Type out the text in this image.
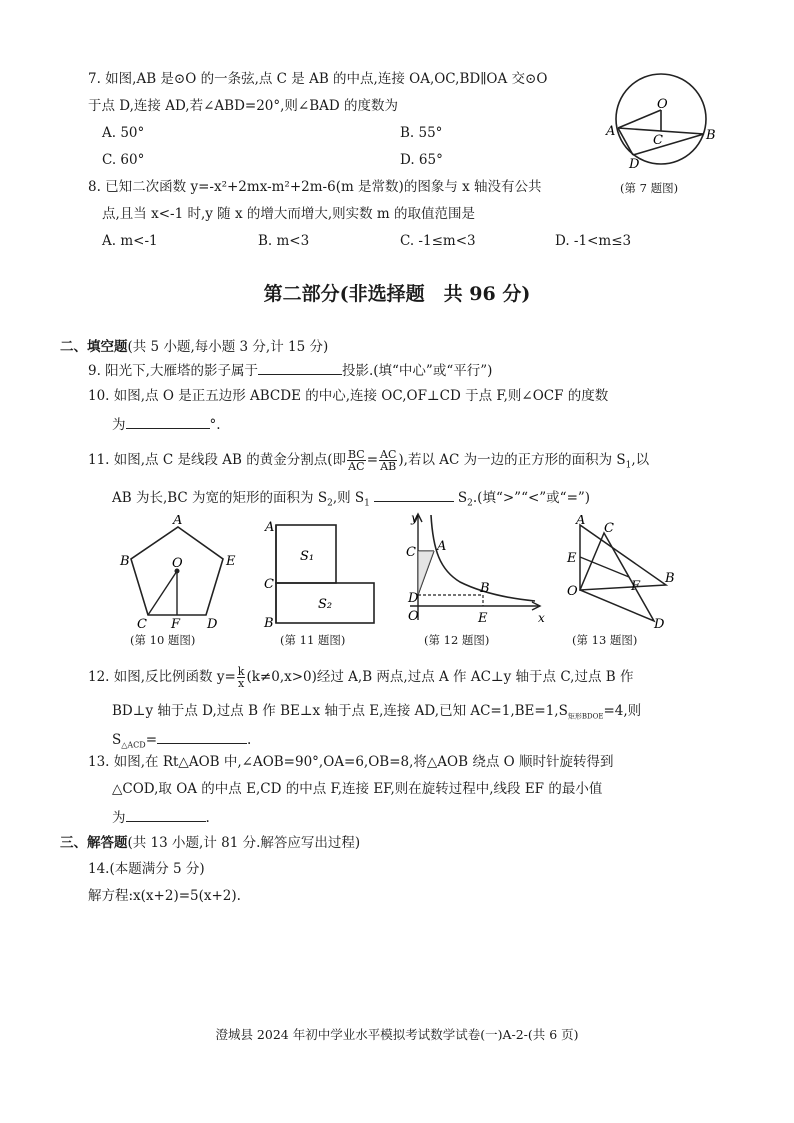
7. 如图,AB 是⊙O 的一条弦,点 C 是 AB 的中点,连接 OA,OC,BD∥OA 交⊙O
于点 D,连接 AD,若∠ABD=20°,则∠BAD 的度数为
A. 50°	B. 55°
C. 60°	D. 65°
O
A
C	B
D
(第 7 题图)
8. 已知二次函数 y=-x²+2mx-m²+2m-6(m 是常数)的图象与 x 轴没有公共
点,且当 x<-1 时,y 随 x 的增大而增大,则实数 m 的取值范围是
A. m<-1	B. m<3	C. -1≤m<3	D. -1<m≤3
第二部分(非选择题　共 96 分)
二、填空题(共 5 小题,每小题 3 分,计 15 分)
9. 阳光下,大雁塔的影子属于	投影.(填“中心”或“平行”)
10. 如图,点 O 是正五边形 ABCDE 的中心,连接 OC,OF⊥CD 于点 F,则∠OCF 的度数
为	°.
11. 如图,点 C 是线段 AB 的黄金分割点(即 $\frac{BC}{AC} = \frac{AC}{AB}$ ),若以 AC 为一边的正方形的面积为 $S_1$,以
AB 为长,BC 为宽的矩形的面积为 $S_2$,则 $S_1$	$S_2$.(填“>”“<”或“=”)
A
B	E
O
C F D
(第 10 题图)
A
C
B
S₁
S₂
(第 11 题图)
y
C A
D
B
O	E	x
(第 12 题图)
A
C
E
O	F
B
D
(第 13 题图)
12. 如图,反比例函数 $y= \frac{k}{x} (k\ne 0,x>0)$经过 A,B 两点,过点 A 作 AC⊥y 轴于点 C,过点 B 作
BD⊥y 轴于点 D,过点 B 作 BE⊥x 轴于点 E,连接 AD,已知 $AC=1,BE=1,S_{矩形BDOE}=4$,则
$S_{\triangle ACD}=$	.
13. 如图,在 Rt△AOB 中,∠AOB=90°,OA=6,OB=8,将△AOB 绕点 O 顺时针旋转得到
△COD,取 OA 的中点 E,CD 的中点 F,连接 EF,则在旋转过程中,线段 EF 的最小值
为	.
三、解答题(共 13 小题,计 81 分.解答应写出过程)
14.(本题满分 5 分)
解方程:x(x+2)=5(x+2).
澄城县 2024 年初中学业水平模拟考试数学试卷(一)A-2-(共 6 页)
